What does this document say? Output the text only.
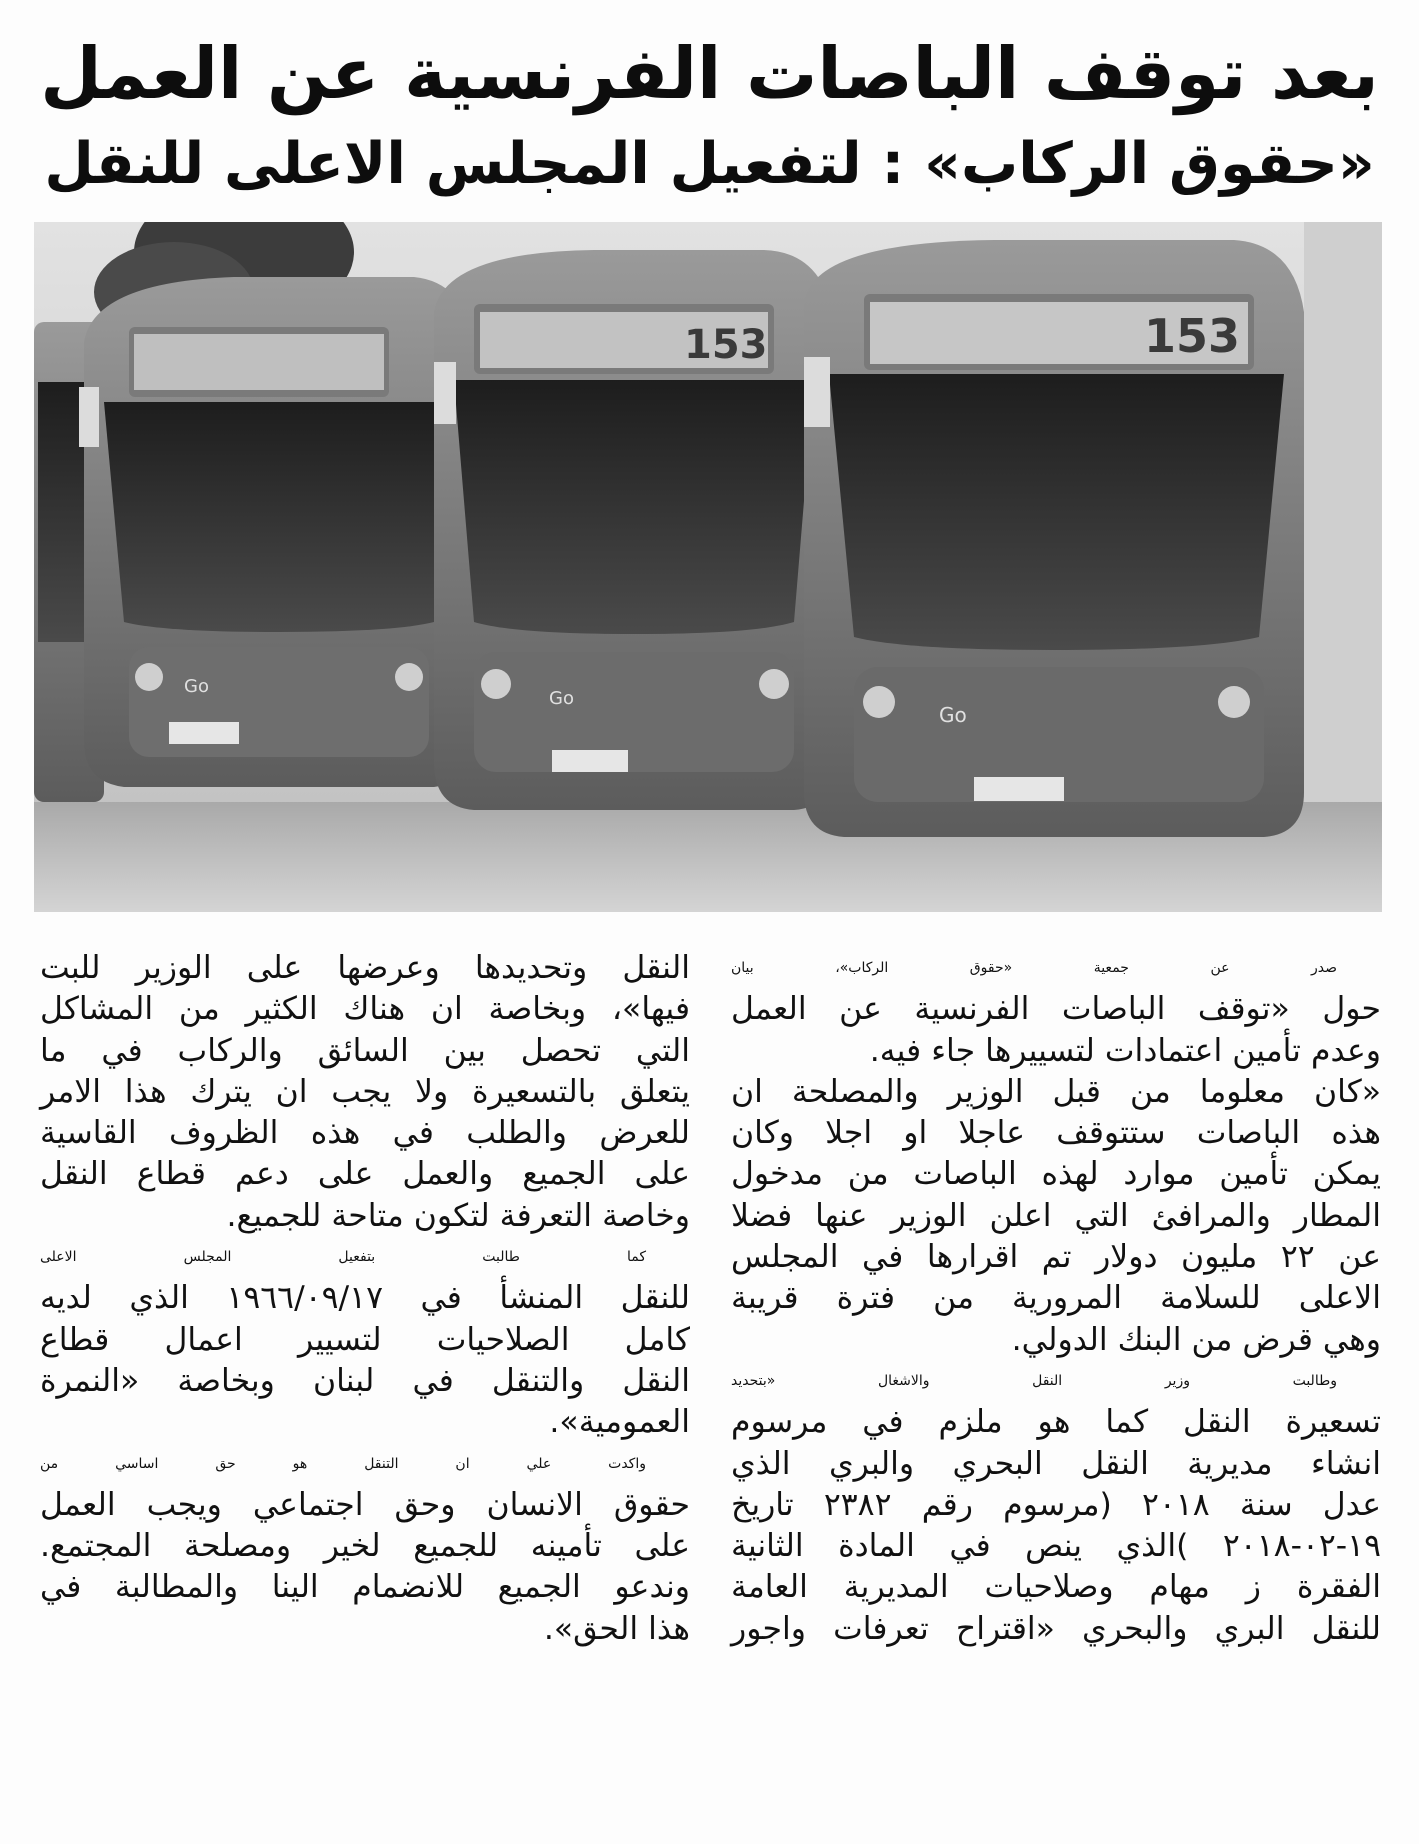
بعد توقف الباصات الفرنسية عن العمل
«حقوق الركاب» : لتفعيل المجلس الاعلى للنقل
Go
153
Go
153
Go
صدر عن جمعية «حقوق الركاب»، بيان
حول «توقف الباصات الفرنسية عن العمل
وعدم تأمين اعتمادات لتسييرها جاء فيه.
«كان معلوما من قبل الوزير والمصلحة ان
هذه الباصات ستتوقف عاجلا او اجلا وكان
يمكن تأمين موارد لهذه الباصات من مدخول
المطار والمرافئ التي اعلن الوزير عنها فضلا
عن ٢٢ مليون دولار تم اقرارها في المجلس
الاعلى للسلامة المرورية من فترة قريبة
وهي قرض من البنك الدولي.
وطالبت وزير النقل والاشغال «بتحديد
تسعيرة النقل كما هو ملزم في مرسوم
انشاء مديرية النقل البحري والبري الذي
عدل سنة ٢٠١٨ (مرسوم رقم ٢٣٨٢ تاريخ
١٩-٠٢-٢٠١٨ )الذي ينص في المادة الثانية
الفقرة ز مهام وصلاحيات المديرية العامة
للنقل البري والبحري «اقتراح تعرفات واجور
النقل وتحديدها وعرضها على الوزير للبت
فيها»، وبخاصة ان هناك الكثير من المشاكل
التي تحصل بين السائق والركاب في ما
يتعلق بالتسعيرة ولا يجب ان يترك هذا الامر
للعرض والطلب في هذه الظروف القاسية
على الجميع والعمل على دعم قطاع النقل
وخاصة التعرفة لتكون متاحة للجميع.
كما طالبت بتفعيل المجلس الاعلى
للنقل المنشأ في ١٩٦٦/٠٩/١٧ الذي لديه
كامل الصلاحيات لتسيير اعمال قطاع
النقل والتنقل في لبنان وبخاصة «النمرة
العمومية».
واكدت علي ان التنقل هو حق اساسي من
حقوق الانسان وحق اجتماعي ويجب العمل
على تأمينه للجميع لخير ومصلحة المجتمع.
وندعو الجميع للانضمام الينا والمطالبة في
هذا الحق».
